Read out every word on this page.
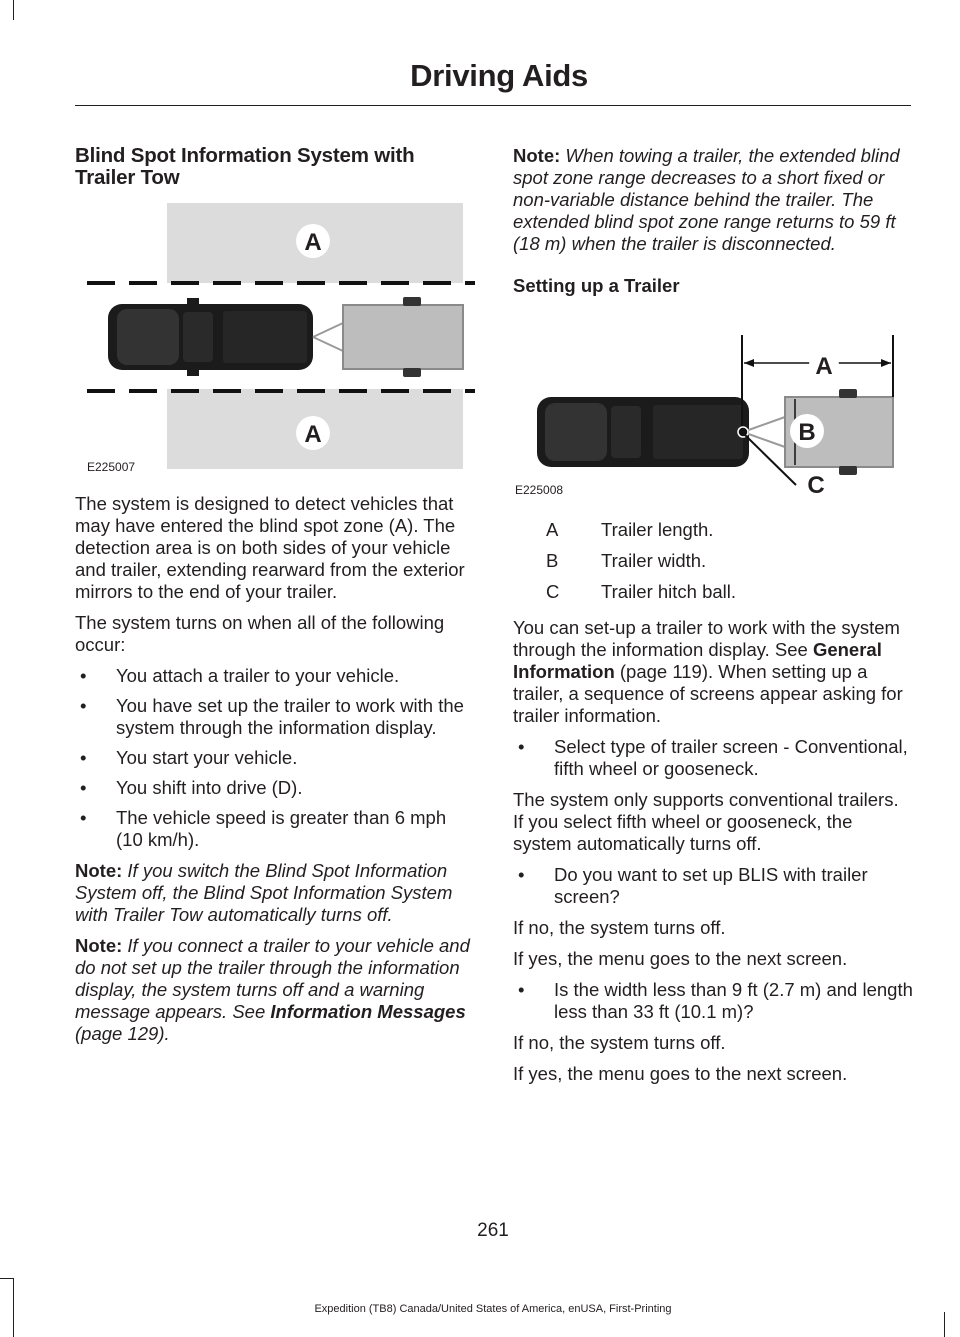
Driving Aids
Blind Spot Information System with Trailer Tow
A
A
E225007

The system is designed to detect vehicles that may have entered the blind spot zone (A). The detection area is on both sides of your vehicle and trailer, extending rearward from the exterior mirrors to the end of your trailer.

The system turns on when all of the following occur:

• You attach a trailer to your vehicle.
• You have set up the trailer to work with the system through the information display.
• You start your vehicle.
• You shift into drive (D).
• The vehicle speed is greater than 6 mph (10 km/h).

Note: If you switch the Blind Spot Information System off, the Blind Spot Information System with Trailer Tow automatically turns off.

Note: If you connect a trailer to your vehicle and do not set up the trailer through the information display, the system turns off and a warning message appears. See Information Messages (page 129).

Note: When towing a trailer, the extended blind spot zone range decreases to a short fixed or non-variable distance behind the trailer. The extended blind spot zone range returns to 59 ft (18 m) when the trailer is disconnected.

Setting up a Trailer
A
B
C
E225008
A	Trailer length.
B	Trailer width.
C	Trailer hitch ball.

You can set-up a trailer to work with the system through the information display. See General Information (page 119). When setting up a trailer, a sequence of screens appear asking for trailer information.

• Select type of trailer screen - Conventional, fifth wheel or gooseneck.

The system only supports conventional trailers. If you select fifth wheel or gooseneck, the system automatically turns off.

• Do you want to set up BLIS with trailer screen?

If no, the system turns off.

If yes, the menu goes to the next screen.

• Is the width less than 9 ft (2.7 m) and length less than 33 ft (10.1 m)?

If no, the system turns off.

If yes, the menu goes to the next screen.

261
Expedition (TB8) Canada/United States of America, enUSA, First-Printing
